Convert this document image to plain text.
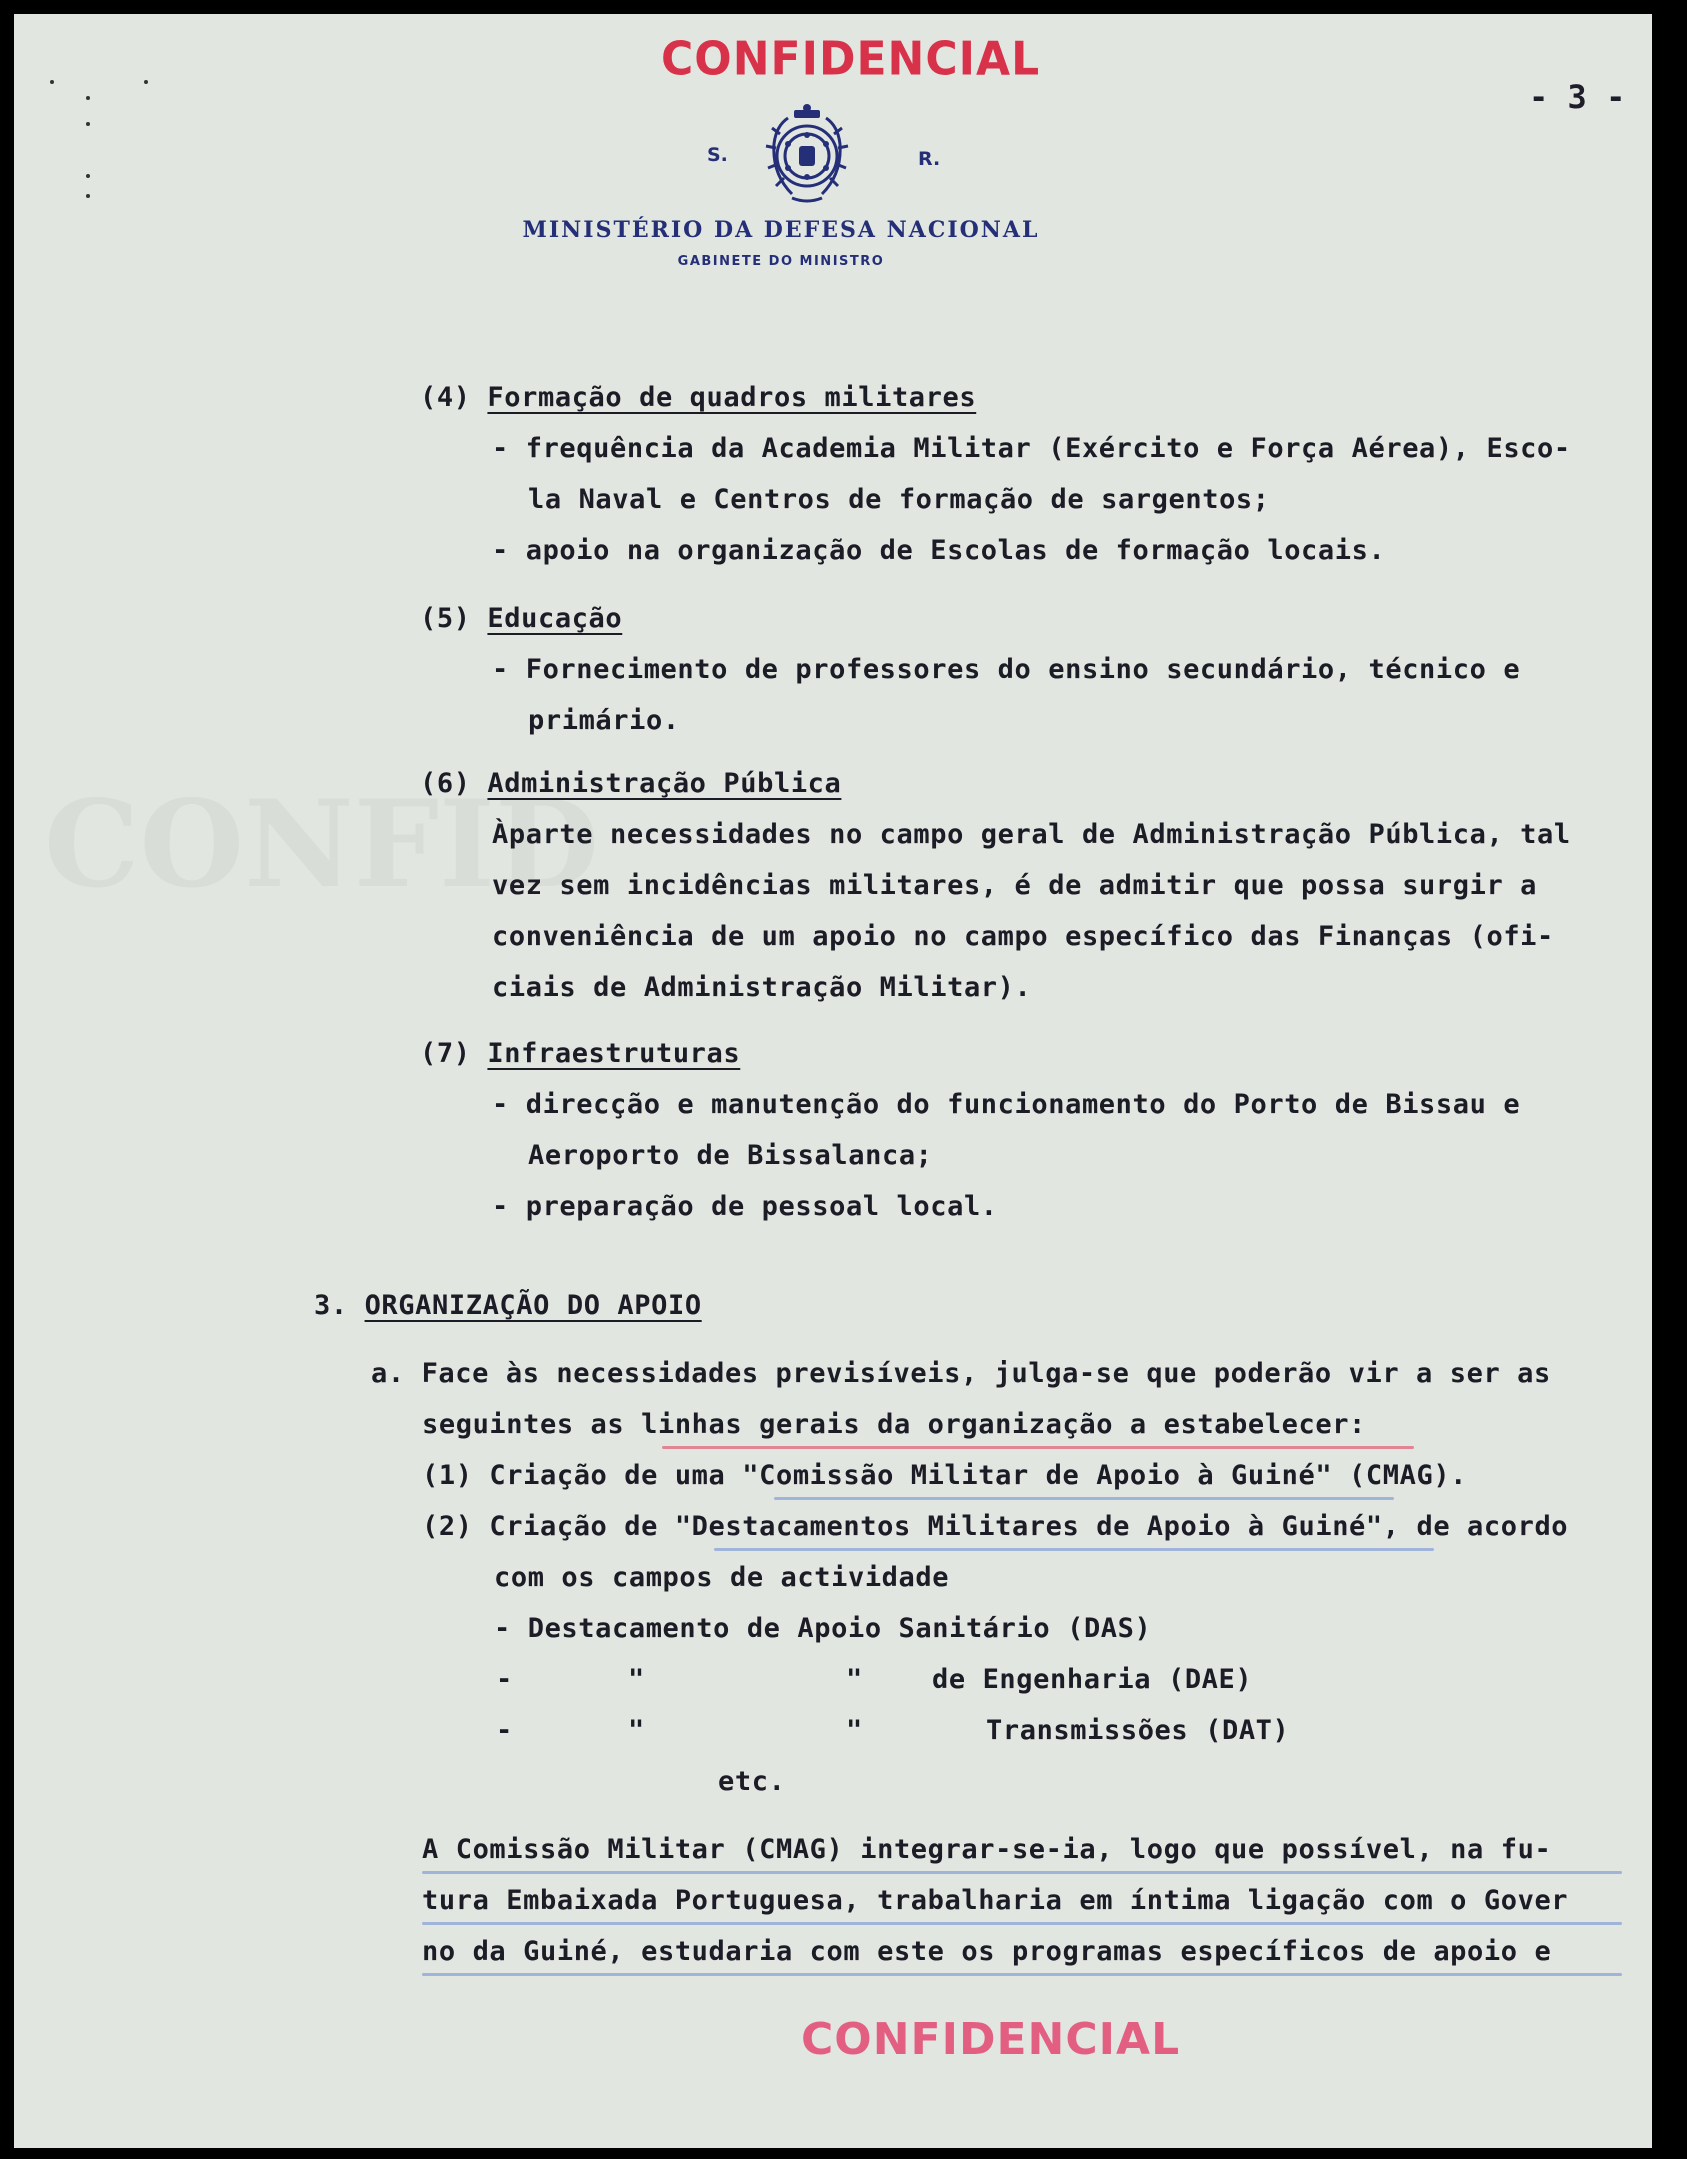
CONFIDENCIAL
- 3 -
S.	R.
MINISTÉRIO DA DEFESA NACIONAL
GABINETE DO MINISTRO
(4) Formação de quadros militares
- frequência da Academia Militar (Exército e Força Aérea), Esco-
la Naval e Centros de formação de sargentos;
- apoio na organização de Escolas de formação locais.
(5) Educação
- Fornecimento de professores do ensino secundário, técnico e
primário.
(6) Administração Pública
Àparte necessidades no campo geral de Administração Pública, tal
vez sem incidências militares, é de admitir que possa surgir a
conveniência de um apoio no campo específico das Finanças (ofi-
ciais de Administração Militar).
(7) Infraestruturas
- direcção e manutenção do funcionamento do Porto de Bissau e
Aeroporto de Bissalanca;
- preparação de pessoal local.
3. ORGANIZAÇÃO DO APOIO
a. Face às necessidades previsíveis, julga-se que poderão vir a ser as
seguintes as linhas gerais da organização a estabelecer:
(1) Criação de uma "Comissão Militar de Apoio à Guiné" (CMAG).
(2) Criação de "Destacamentos Militares de Apoio à Guiné", de acordo
com os campos de actividade
- Destacamento de Apoio Sanitário (DAS)
-	"	"	de Engenharia (DAE)
-	"	"	Transmissões (DAT)
etc.
A Comissão Militar (CMAG) integrar-se-ia, logo que possível, na fu-
tura Embaixada Portuguesa, trabalharia em íntima ligação com o Gover
no da Guiné, estudaria com este os programas específicos de apoio e
CONFIDENCIAL
